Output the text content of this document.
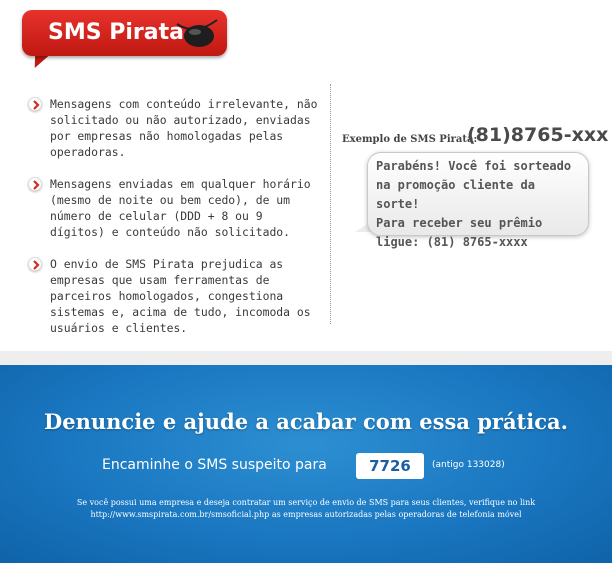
SMS Pirata
Mensagens com conteúdo irrelevante, não solicitado ou não autorizado, enviadas por empresas não homologadas pelas operadoras.
Mensagens enviadas em qualquer horário (mesmo de noite ou bem cedo), de um número de celular (DDD + 8 ou 9 dígitos) e conteúdo não solicitado.
O envio de SMS Pirata prejudica as empresas que usam ferramentas de parceiros homologados, congestiona sistemas e, acima de tudo, incomoda os usuários e clientes.
Exemplo de SMS Pirata:
(81)8765-xxx
Parabéns! Você foi sorteado
na promoção cliente da sorte!
Para receber seu prêmio
ligue: (81) 8765-xxxx
Denuncie e ajude a acabar com essa prática.
Encaminhe o SMS suspeito para	7726	(antigo 133028)
Se você possui uma empresa e deseja contratar um serviço de envio de SMS para seus clientes, verifique no link
http://www.smspirata.com.br/smsoficial.php as empresas autorizadas pelas operadoras de telefonia móvel
